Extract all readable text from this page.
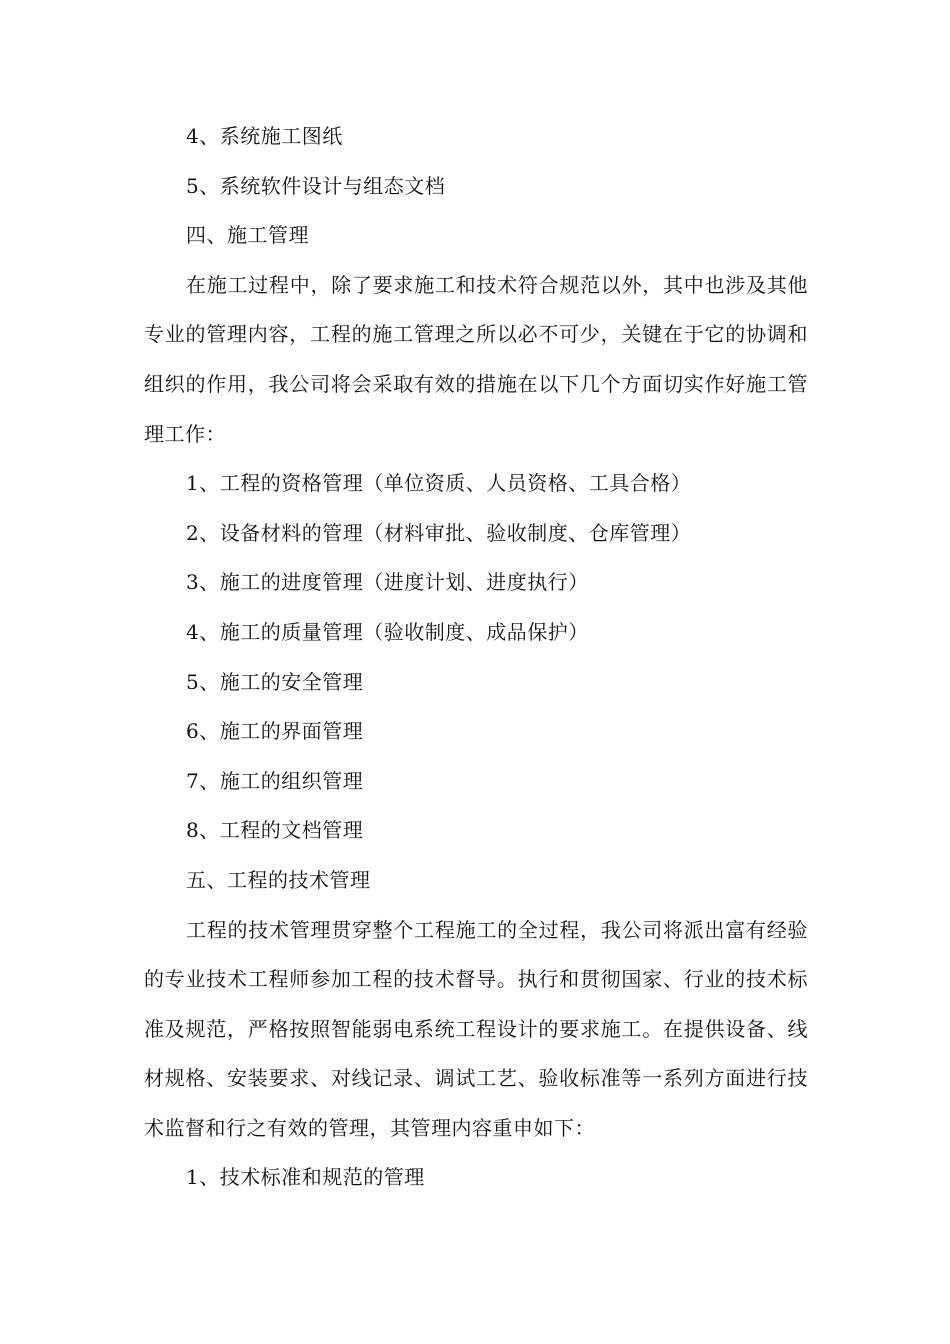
4、系统施工图纸
5、系统软件设计与组态文档
四、施工管理

在施工过程中，除了要求施工和技术符合规范以外，其中也涉及其他专业的管理内容，工程的施工管理之所以必不可少，关键在于它的协调和组织的作用，我公司将会采取有效的措施在以下几个方面切实作好施工管理工作：

1、工程的资格管理（单位资质、人员资格、工具合格）
2、设备材料的管理（材料审批、验收制度、仓库管理）
3、施工的进度管理（进度计划、进度执行）
4、施工的质量管理（验收制度、成品保护）
5、施工的安全管理
6、施工的界面管理
7、施工的组织管理
8、工程的文档管理
五、工程的技术管理

工程的技术管理贯穿整个工程施工的全过程，我公司将派出富有经验的专业技术工程师参加工程的技术督导。执行和贯彻国家、行业的技术标准及规范，严格按照智能弱电系统工程设计的要求施工。在提供设备、线材规格、安装要求、对线记录、调试工艺、验收标准等一系列方面进行技术监督和行之有效的管理，其管理内容重申如下：

1、技术标准和规范的管理
